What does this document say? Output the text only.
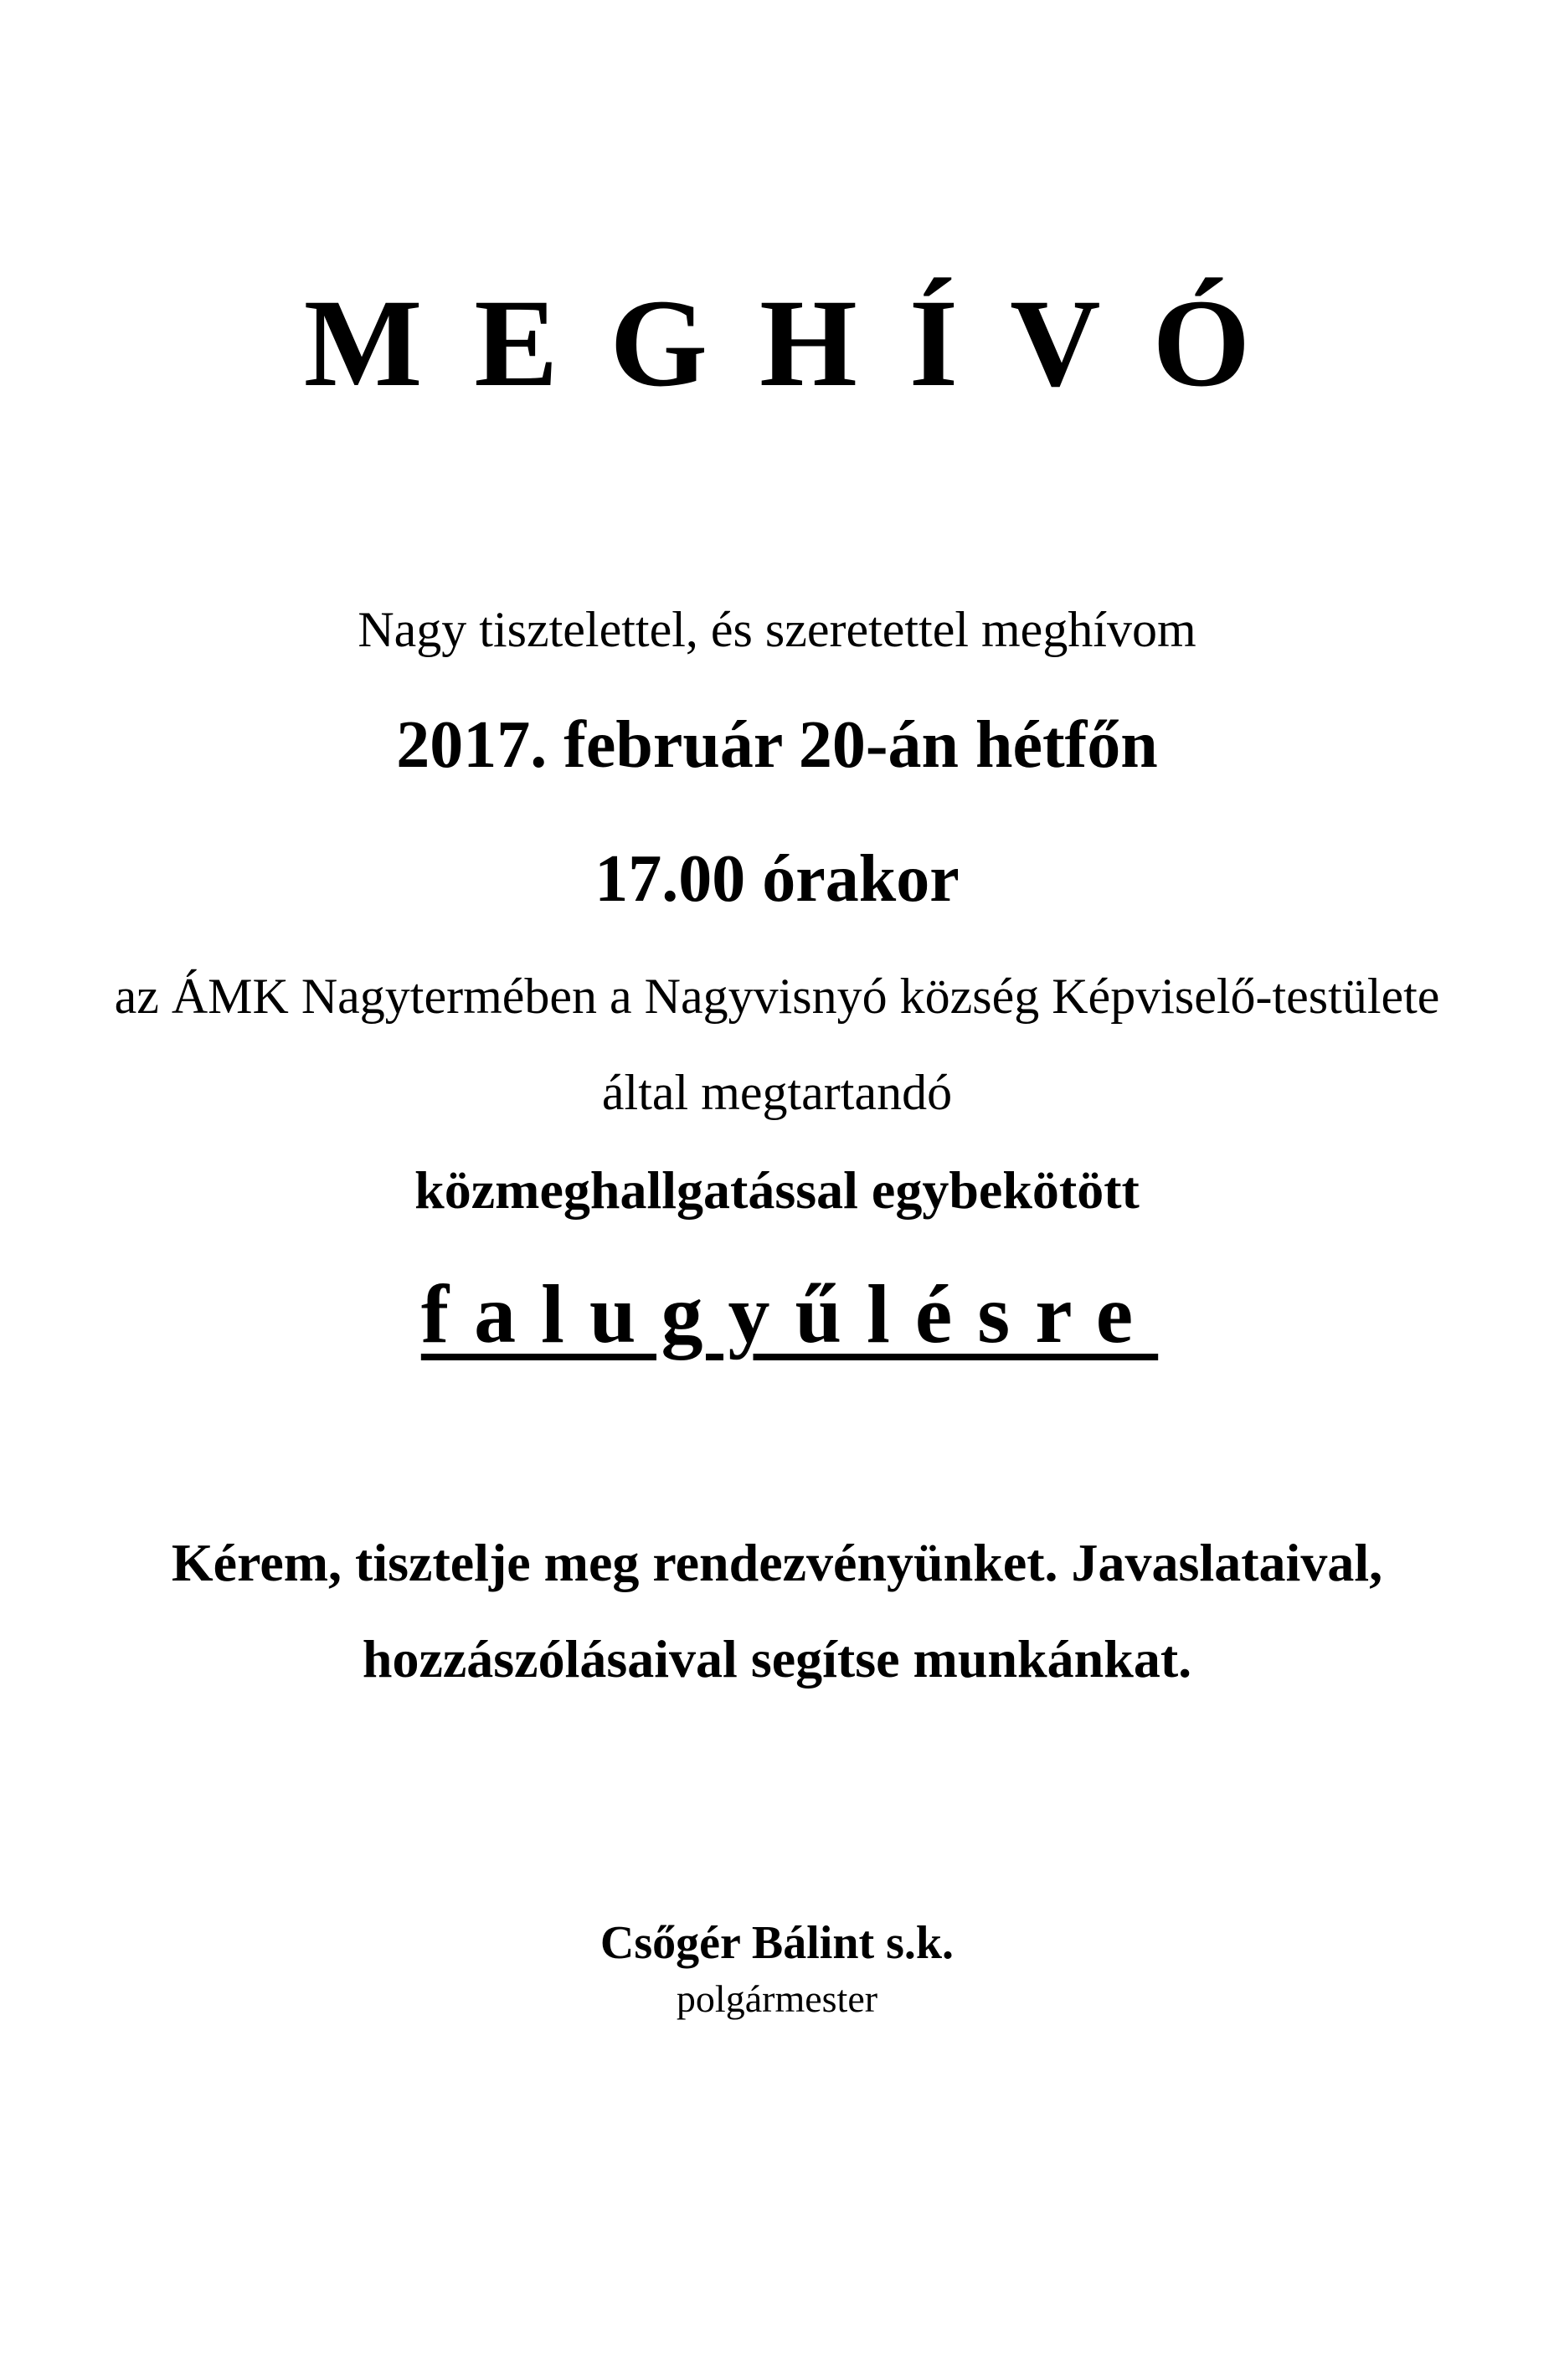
MEGHÍVÓ
Nagy tisztelettel, és szeretettel meghívom
2017. február 20-án hétfőn
17.00 órakor
az ÁMK Nagytermében a Nagyvisnyó község Képviselő-testülete
által megtartandó
közmeghallgatással egybekötött
falugyűlésre
Kérem, tisztelje meg rendezvényünket. Javaslataival,
hozzászólásaival segítse munkánkat.
Csőgér Bálint s.k.
polgármester
